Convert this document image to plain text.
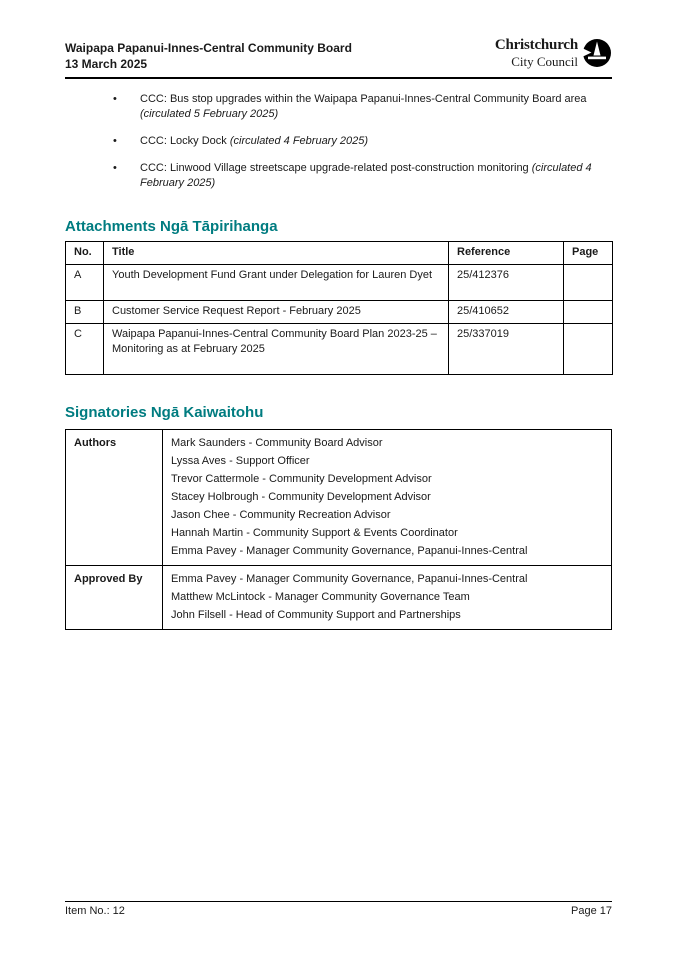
Waipapa Papanui-Innes-Central Community Board
13 March 2025
Christchurch
City Council
•	CCC: Bus stop upgrades within the Waipapa Papanui-Innes-Central Community Board area (circulated 5 February 2025)
•	CCC: Locky Dock (circulated 4 February 2025)
•	CCC: Linwood Village streetscape upgrade-related post-construction monitoring (circulated 4 February 2025)
Attachments Ngā Tāpirihanga
No.	Title	Reference	Page
A	Youth Development Fund Grant under Delegation for Lauren Dyet	25/412376	
B	Customer Service Request Report - February 2025	25/410652	
C	Waipapa Papanui-Innes-Central Community Board Plan 2023-25 – Monitoring as at February 2025	25/337019	
Signatories Ngā Kaiwaitohu
Authors	Mark Saunders - Community Board Advisor
Lyssa Aves - Support Officer
Trevor Cattermole - Community Development Advisor
Stacey Holbrough - Community Development Advisor
Jason Chee - Community Recreation Advisor
Hannah Martin - Community Support & Events Coordinator
Emma Pavey - Manager Community Governance, Papanui-Innes-Central

Approved By	Emma Pavey - Manager Community Governance, Papanui-Innes-Central
Matthew McLintock - Manager Community Governance Team
John Filsell - Head of Community Support and Partnerships
Item No.: 12	Page 17
